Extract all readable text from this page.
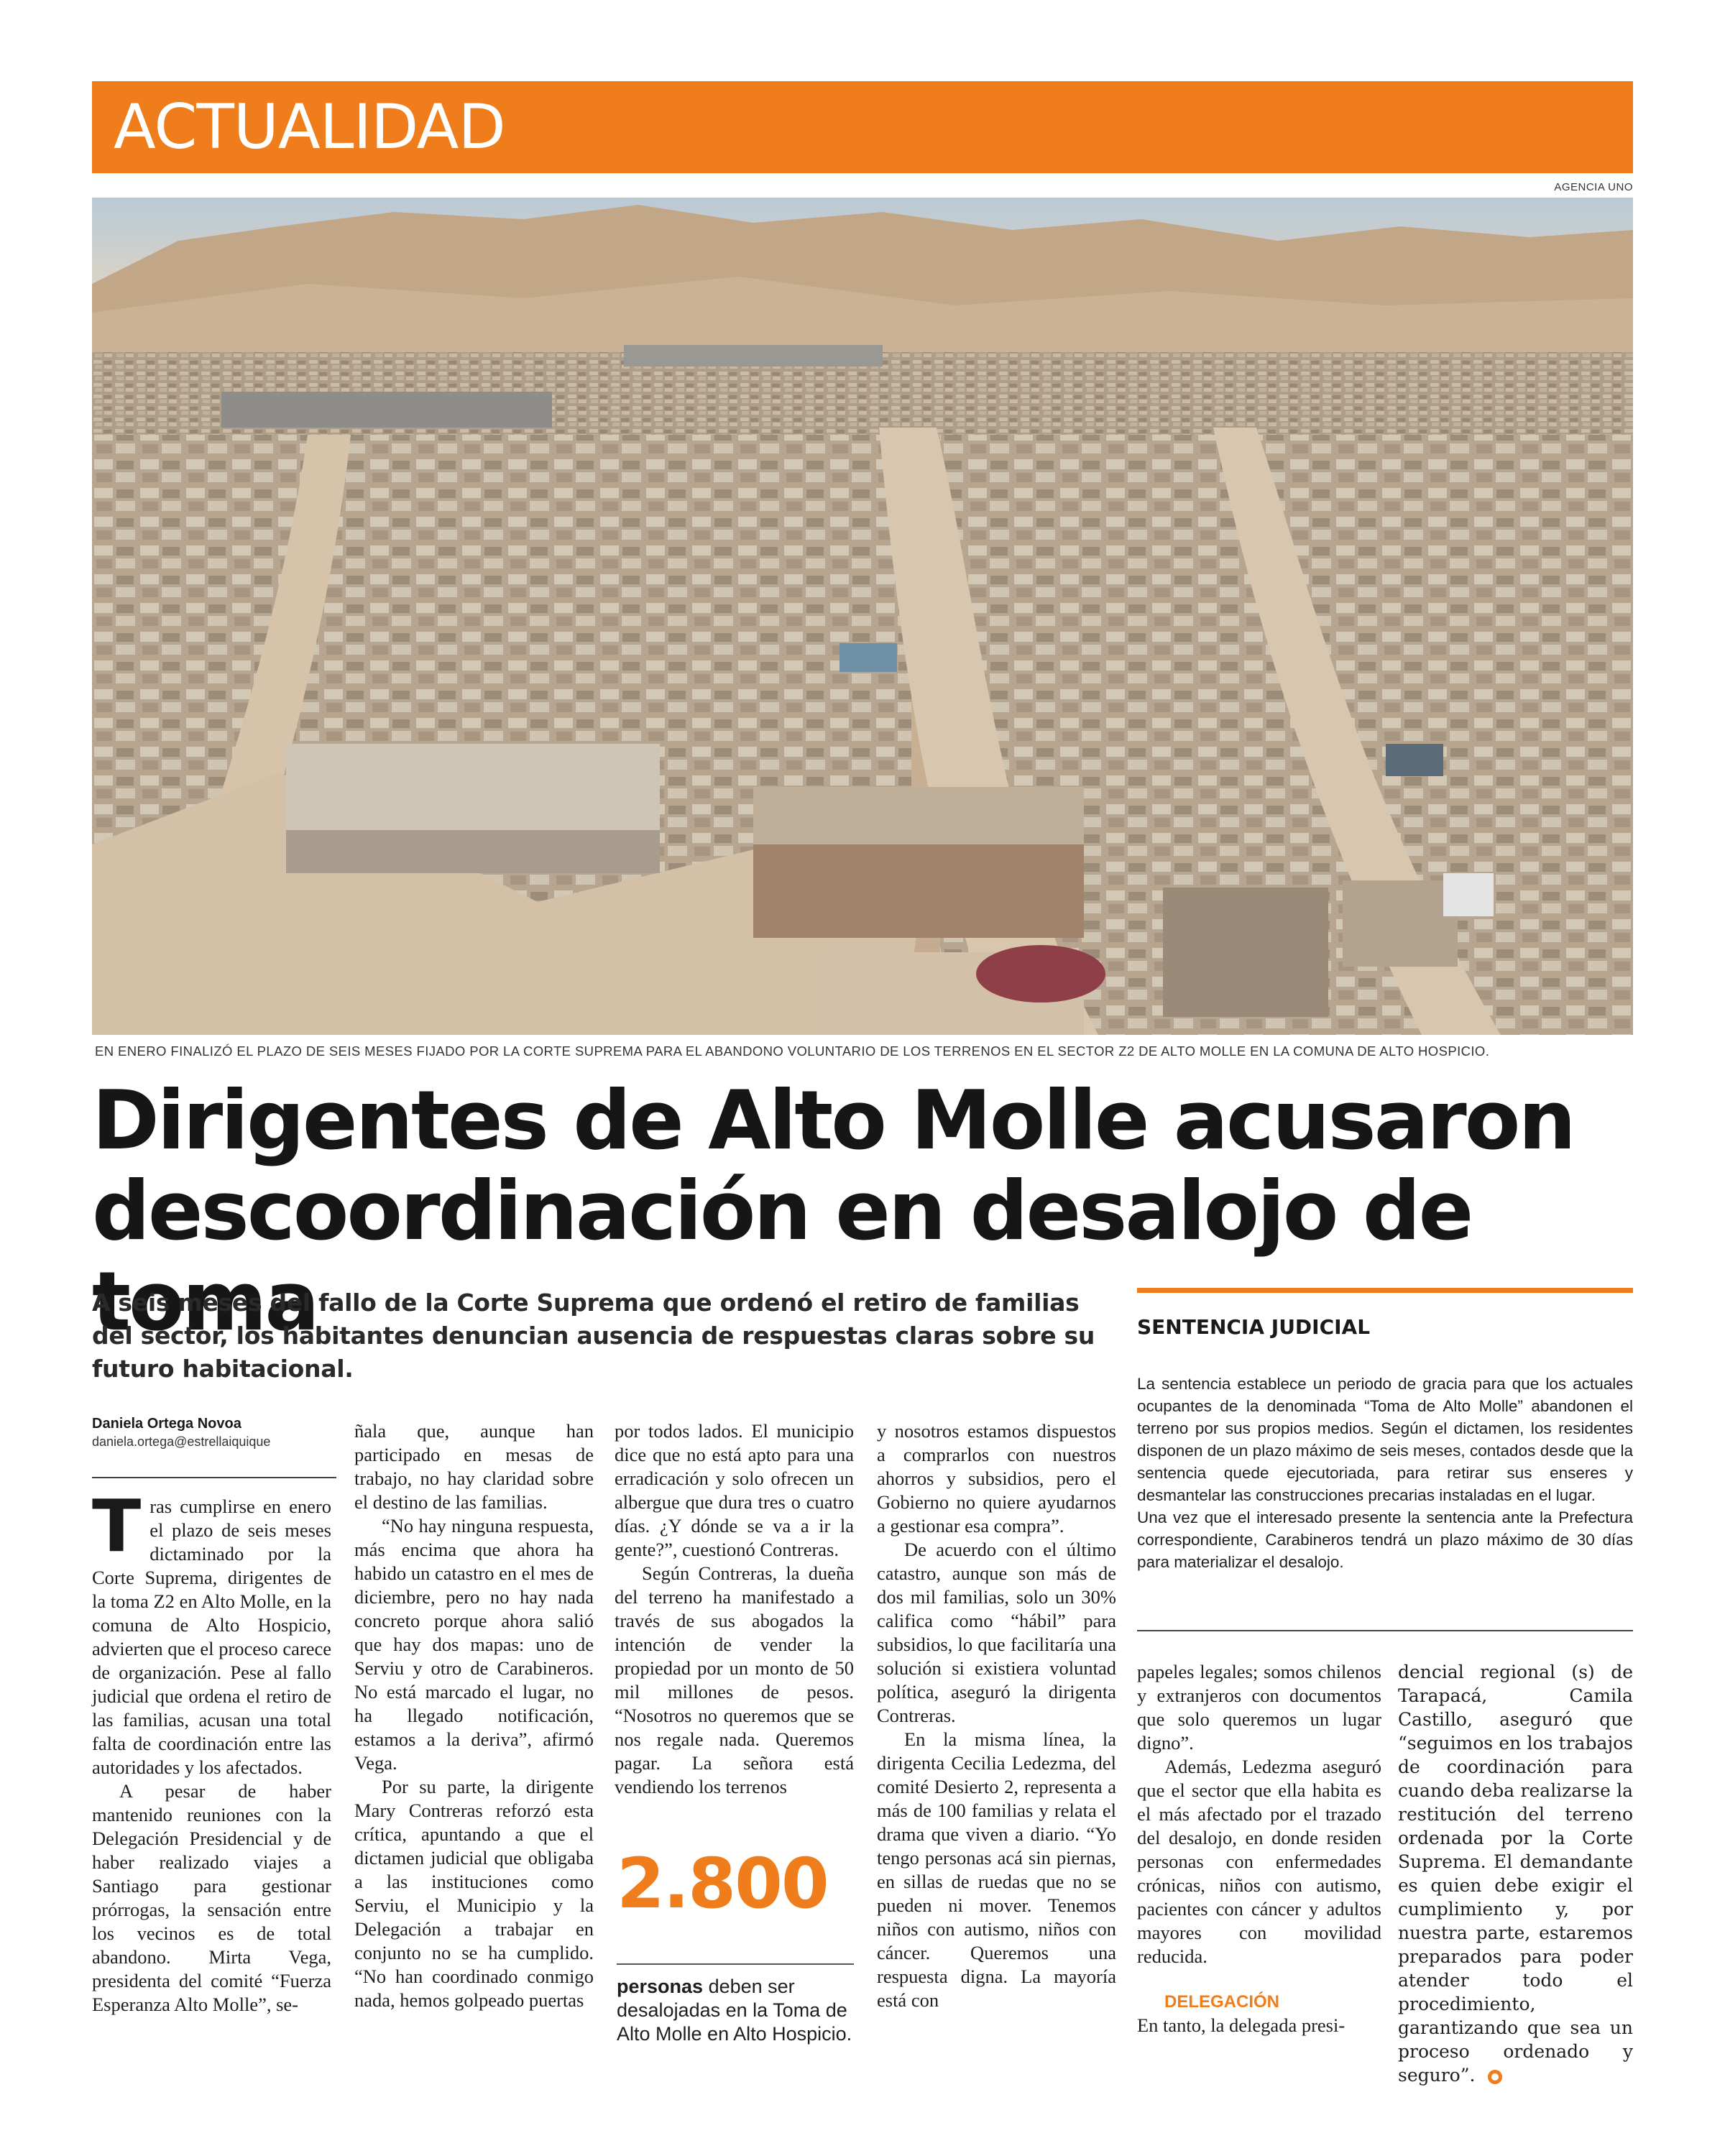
ACTUALIDAD
AGENCIA UNO
EN ENERO FINALIZÓ EL PLAZO DE SEIS MESES FIJADO POR LA CORTE SUPREMA PARA EL ABANDONO VOLUNTARIO DE LOS TERRENOS EN EL SECTOR Z2 DE ALTO MOLLE EN LA COMUNA DE ALTO HOSPICIO.
Dirigentes de Alto Molle acusaron
descoordinación en desalojo de toma
A seis meses del fallo de la Corte Suprema que ordenó el retiro de familias del sector, los habitantes denuncian ausencia de respuestas claras sobre su futuro habitacional.
Daniela Ortega Novoa
daniela.ortega@estrellaiquique

Tras cumplirse en enero el plazo de seis meses dictaminado por la Corte Suprema, dirigentes de la toma Z2 en Alto Molle, en la comuna de Alto Hospicio, advierten que el proceso carece de organización. Pese al fallo judicial que ordena el retiro de las familias, acusan una total falta de coordinación entre las autoridades y los afectados.

A pesar de haber mantenido reuniones con la Delegación Presidencial y de haber realizado viajes a Santiago para gestionar prórrogas, la sensación entre los vecinos es de total abandono. Mirta Vega, presidenta del comité “Fuerza Esperanza Alto Molle”, se-

ñala que, aunque han participado en mesas de trabajo, no hay claridad sobre el destino de las familias.

“No hay ninguna respuesta, más encima que ahora ha habido un catastro en el mes de diciembre, pero no hay nada concreto porque ahora salió que hay dos mapas: uno de Serviu y otro de Carabineros. No está marcado el lugar, no ha llegado notificación, estamos a la deriva”, afirmó Vega.

Por su parte, la dirigente Mary Contreras reforzó esta crítica, apuntando a que el dictamen judicial que obligaba a las instituciones como Serviu, el Municipio y la Delegación a trabajar en conjunto no se ha cumplido. “No han coordinado conmigo nada, hemos golpeado puertas

por todos lados. El municipio dice que no está apto para una erradicación y solo ofrecen un albergue que dura tres o cuatro días. ¿Y dónde se va a ir la gente?”, cuestionó Contreras.

Según Contreras, la dueña del terreno ha manifestado a través de sus abogados la intención de vender la propiedad por un monto de 50 mil millones de pesos. “Nosotros no queremos que se nos regale nada. Queremos pagar. La señora está vendiendo los terrenos

2.800
personas deben ser desalojadas en la Toma de Alto Molle en Alto Hospicio.

y nosotros estamos dispuestos a comprarlos con nuestros ahorros y subsidios, pero el Gobierno no quiere ayudarnos a gestionar esa compra”.

De acuerdo con el último catastro, aunque son más de dos mil familias, solo un 30% califica como “hábil” para subsidios, lo que facilitaría una solución si existiera voluntad política, aseguró la dirigenta Contreras.

En la misma línea, la dirigenta Cecilia Ledezma, del comité Desierto 2, representa a más de 100 familias y relata el drama que viven a diario. “Yo tengo personas acá sin piernas, en sillas de ruedas que no se pueden ni mover. Tenemos niños con autismo, niños con cáncer. Queremos una respuesta digna. La mayoría está con

SENTENCIA JUDICIAL

La sentencia establece un periodo de gracia para que los actuales ocupantes de la denominada “Toma de Alto Molle” abandonen el terreno por sus propios medios. Según el dictamen, los residentes disponen de un plazo máximo de seis meses, contados desde que la sentencia quede ejecutoriada, para retirar sus enseres y desmantelar las construcciones precarias instaladas en el lugar.

Una vez que el interesado presente la sentencia ante la Prefectura correspondiente, Carabineros tendrá un plazo máximo de 30 días para materializar el desalojo.

papeles legales; somos chilenos y extranjeros con documentos que solo queremos un lugar digno”.

Además, Ledezma aseguró que el sector que ella habita es el más afectado por el trazado del desalojo, en donde residen personas con enfermedades crónicas, niños con autismo, pacientes con cáncer y adultos mayores con movilidad reducida.

DELEGACIÓN

En tanto, la delegada presi-

dencial regional (s) de Tarapacá, Camila Castillo, aseguró que “seguimos en los trabajos de coordinación para cuando deba realizarse la restitución del terreno ordenada por la Corte Suprema. El demandante es quien debe exigir el cumplimiento y, por nuestra parte, estaremos preparados para poder atender todo el procedimiento, garantizando que sea un proceso ordenado y seguro”.
